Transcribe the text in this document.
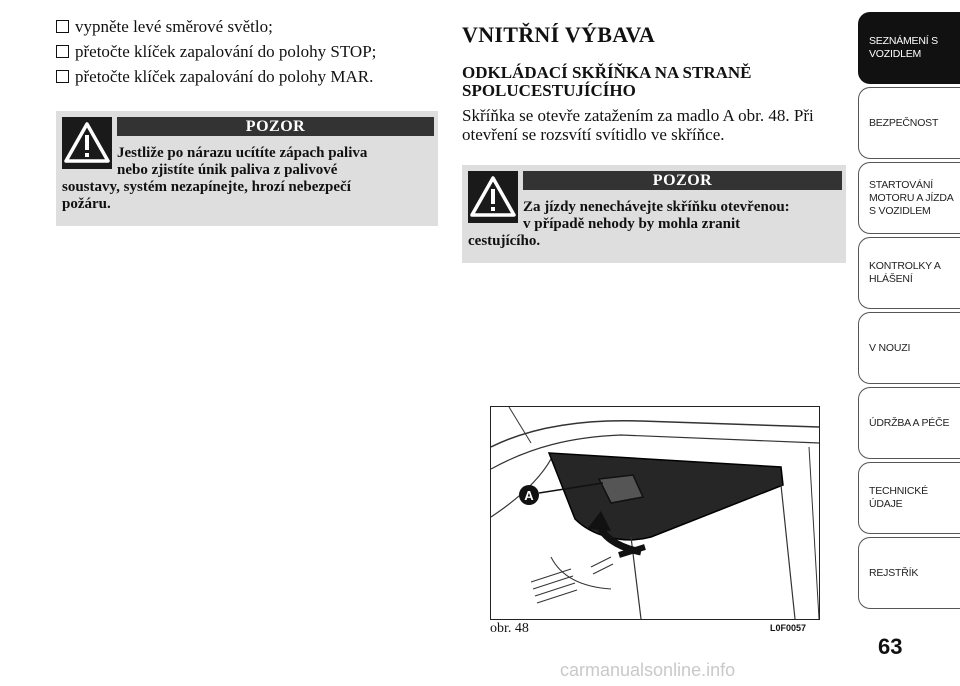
vypněte levé směrové světlo;
přetočte klíček zapalování do polohy STOP;
přetočte klíček zapalování do polohy MAR.
POZOR
Jestliže po nárazu ucítíte zápach paliva
nebo zjistíte únik paliva z palivové
soustavy, systém nezapínejte, hrozí nebezpečí
požáru.
VNITŘNÍ VÝBAVA
ODKLÁDACÍ SKŘÍŇKA NA STRANĚ SPOLUCESTUJÍCÍHO
Skříňka se otevře zatažením za madlo A obr. 48. Při otevření se rozsvítí svítidlo ve skříňce.
POZOR
Za jízdy nenechávejte skříňku otevřenou:
v případě nehody by mohla zranit
cestujícího.
A
obr. 48	L0F0057
SEZNÁMENÍ S VOZIDLEM
BEZPEČNOST
STARTOVÁNÍ MOTORU A JÍZDA S VOZIDLEM
KONTROLKY A HLÁŠENÍ
V NOUZI
ÚDRŽBA A PÉČE
TECHNICKÉ ÚDAJE
REJSTŘÍK
63
carmanualsonline.info
